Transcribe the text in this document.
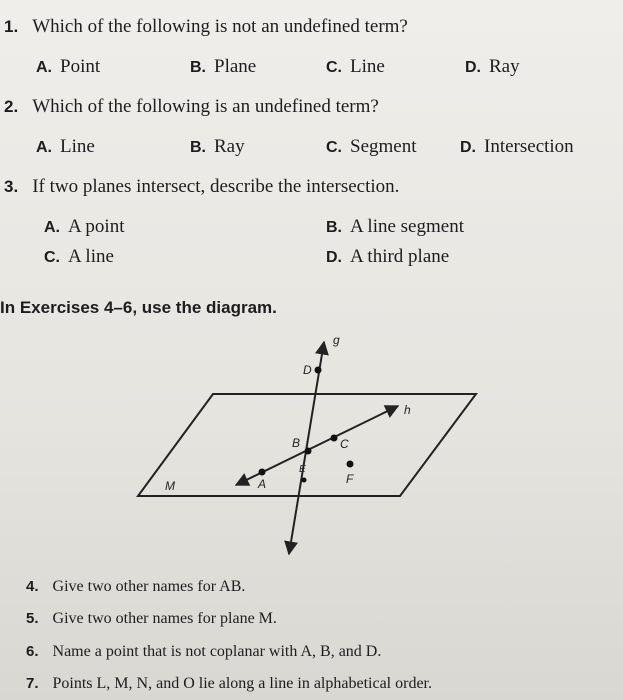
1. Which of the following is not an undefined term?
A. Point	B. Plane	C. Line	D. Ray
2. Which of the following is an undefined term?
A. Line	B. Ray	C. Segment	D. Intersection
3. If two planes intersect, describe the intersection.
A. A point	B. A line segment
C. A line	D. A third plane
In Exercises 4–6, use the diagram.
g
D
h
B	C
M	A	F
E
4. Give two other names for AB.
5. Give two other names for plane M.
6. Name a point that is not coplanar with A, B, and D.
7. Points L, M, N, and O lie along a line in alphabetical order.
